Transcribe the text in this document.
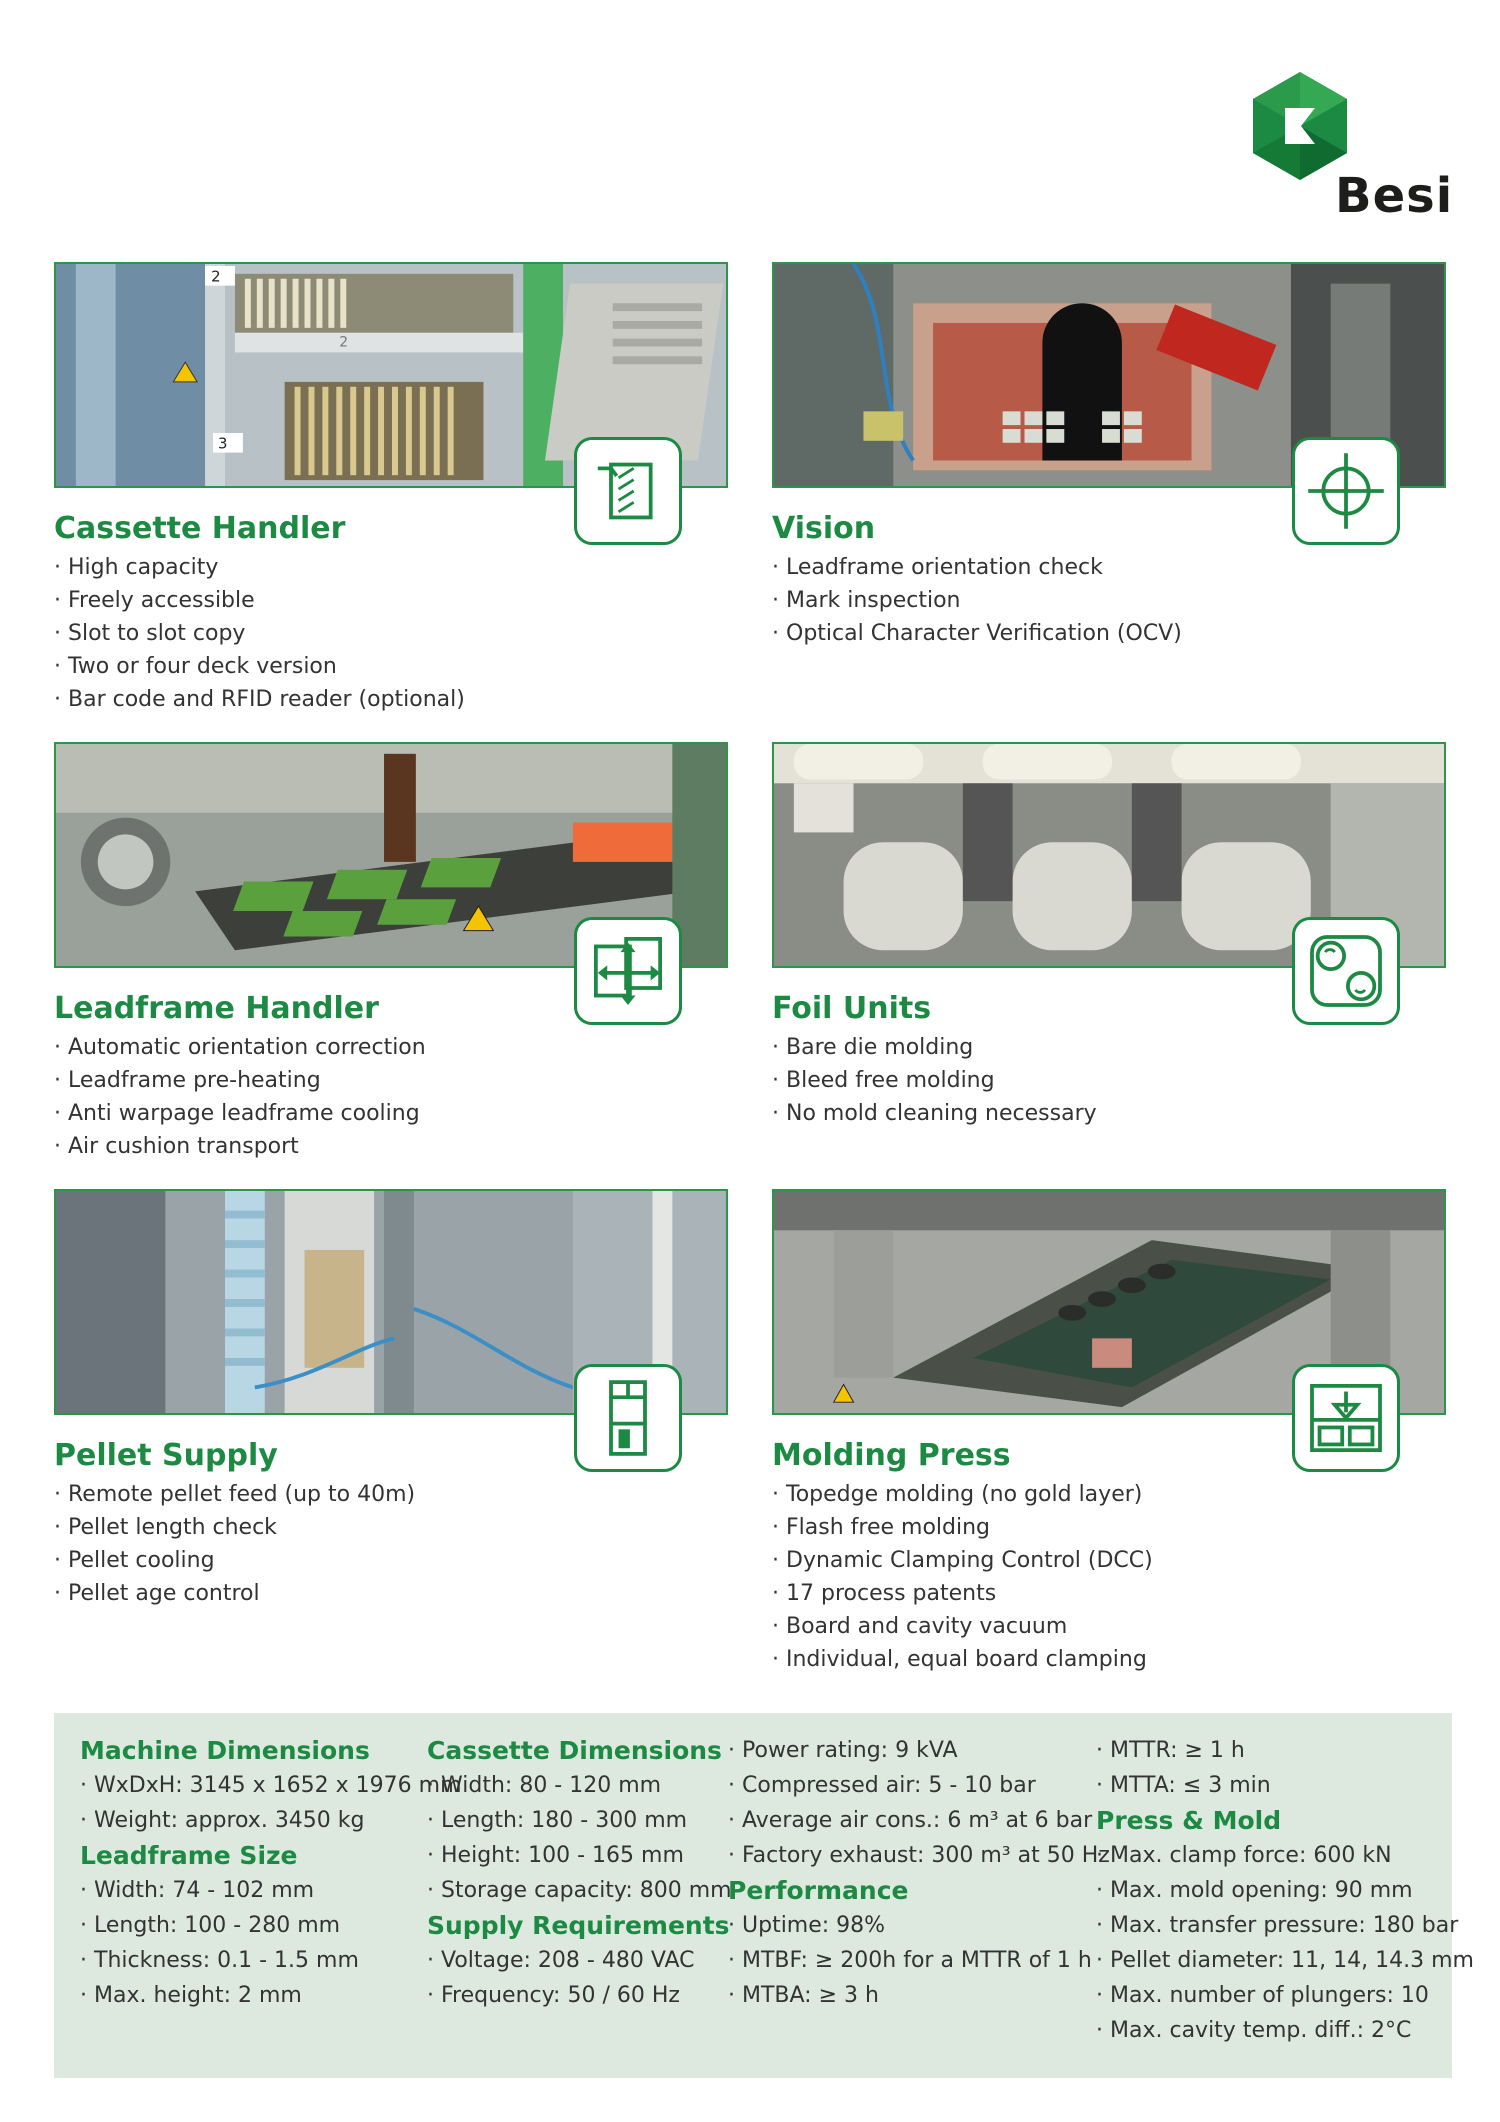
Besi
2
2
3
Cassette Handler
· High capacity
· Freely accessible
· Slot to slot copy
· Two or four deck version
· Bar code and RFID reader (optional)
Vision
· Leadframe orientation check
· Mark inspection
· Optical Character Verification (OCV)
Leadframe Handler
· Automatic orientation correction
· Leadframe pre-heating
· Anti warpage leadframe cooling
· Air cushion transport
Foil Units
· Bare die molding
· Bleed free molding
· No mold cleaning necessary
Pellet Supply
· Remote pellet feed (up to 40m)
· Pellet length check
· Pellet cooling
· Pellet age control
Molding Press
· Topedge molding (no gold layer)
· Flash free molding
· Dynamic Clamping Control (DCC)
· 17 process patents
· Board and cavity vacuum
· Individual, equal board clamping
Machine Dimensions
· WxDxH: 3145 x 1652 x 1976 mm
· Weight: approx. 3450 kg
Leadframe Size
· Width: 74 - 102 mm
· Length: 100 - 280 mm
· Thickness: 0.1 - 1.5 mm
· Max. height: 2 mm
Cassette Dimensions
· Width: 80 - 120 mm
· Length: 180 - 300 mm
· Height: 100 - 165 mm
· Storage capacity: 800 mm
Supply Requirements
· Voltage: 208 - 480 VAC
· Frequency: 50 / 60 Hz
· Power rating: 9 kVA
· Compressed air: 5 - 10 bar
· Average air cons.: 6 m³ at 6 bar
· Factory exhaust: 300 m³ at 50 Hz
Performance
· Uptime: 98%
· MTBF: ≥ 200h for a MTTR of 1 h
· MTBA: ≥ 3 h
· MTTR: ≥ 1 h
· MTTA: ≤ 3 min
Press & Mold
· Max. clamp force: 600 kN
· Max. mold opening: 90 mm
· Max. transfer pressure: 180 bar
· Pellet diameter: 11, 14, 14.3 mm
· Max. number of plungers: 10
· Max. cavity temp. diff.: 2°C
